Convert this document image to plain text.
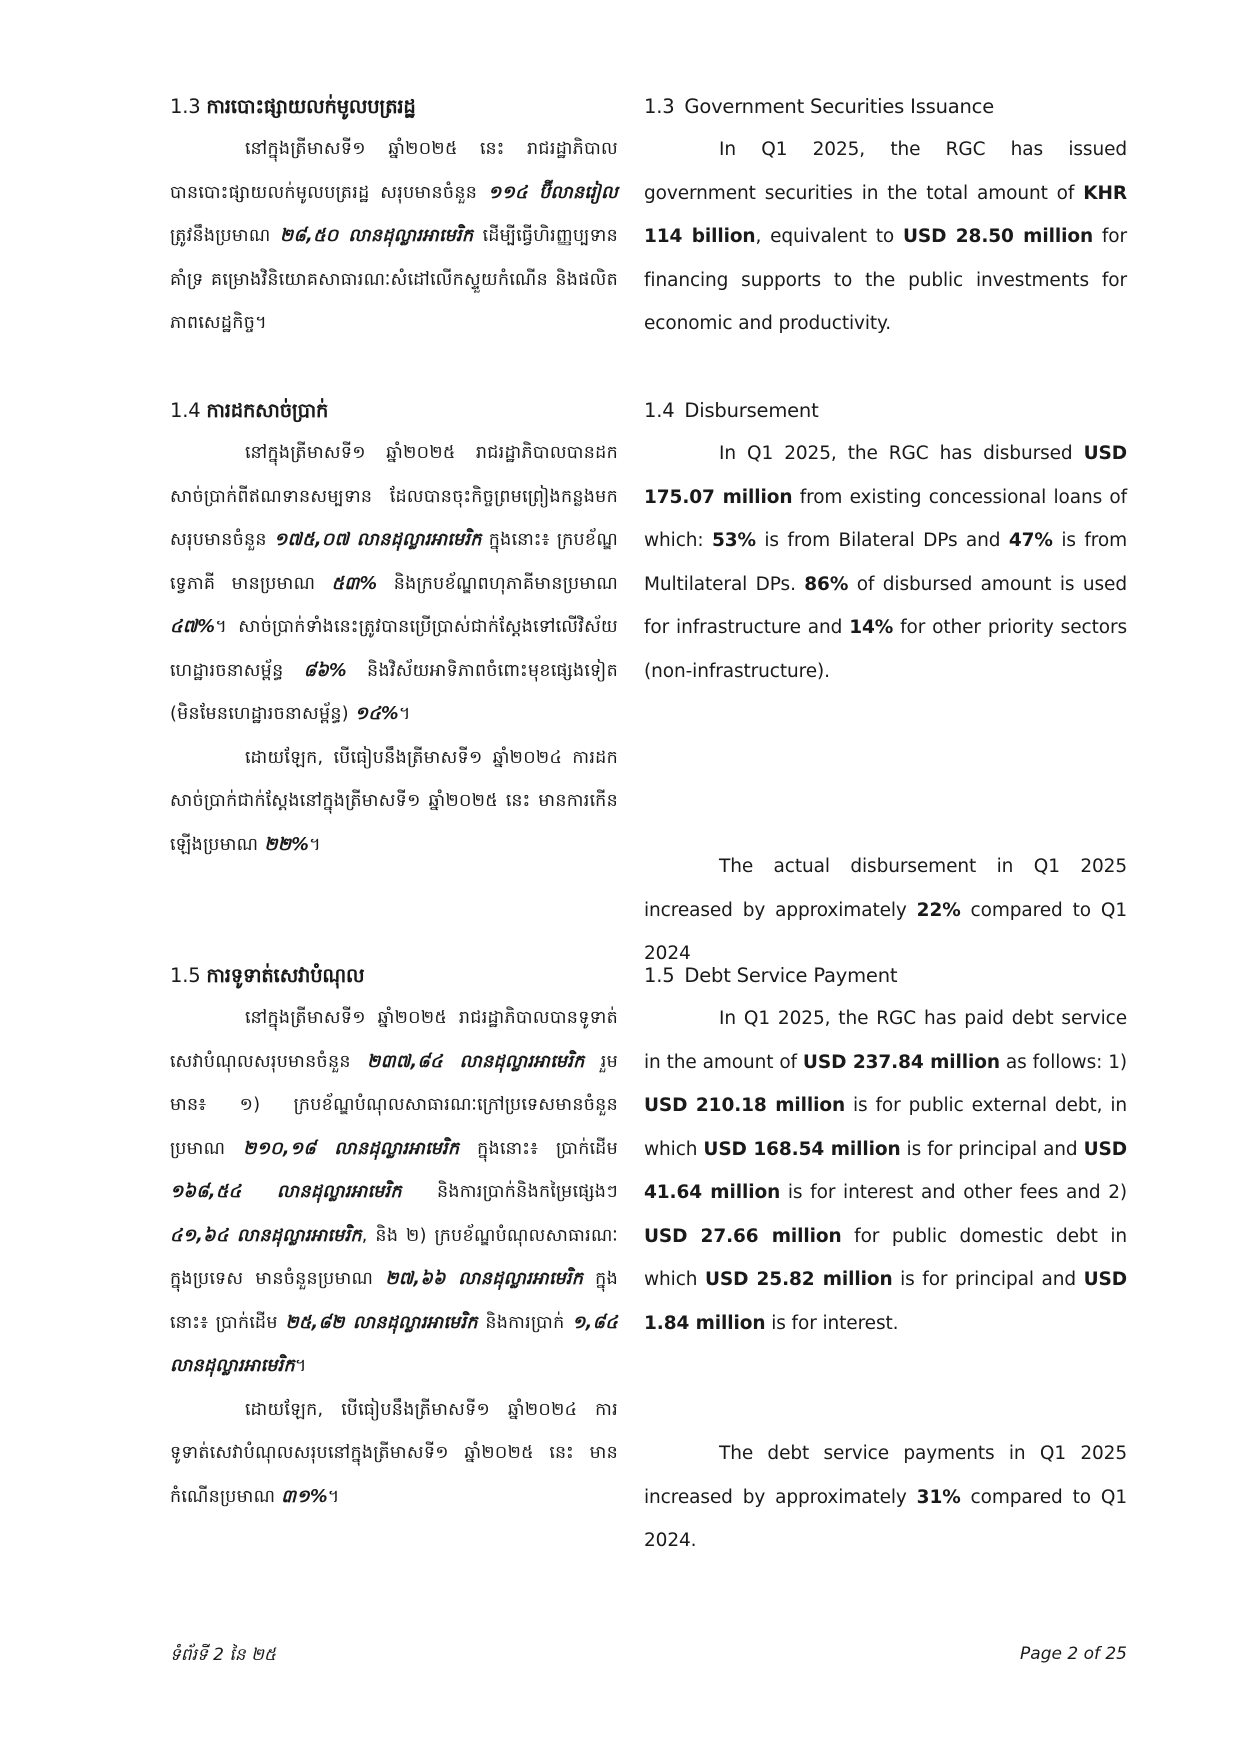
1.3 ការបោះផ្សាយលក់មូលបត្ររដ្ឋ

នៅក្នុងត្រីមាសទី១ ឆ្នាំ២០២៥ នេះ រាជរដ្ឋាភិបាលបានបោះផ្សាយលក់មូលបត្ររដ្ឋ សរុបមានចំនួន ១១៤ ប៊ីលានរៀល ត្រូវនឹងប្រមាណ ២៨,៥០ លានដុល្លារអាមេរិក ដើម្បីធ្វើហិរញ្ញប្បទានគាំទ្រ គម្រោងវិនិយោគសាធារណៈសំដៅលើកស្ទួយកំណើន និងផលិតភាពសេដ្ឋកិច្ច។

1.3 Government Securities Issuance

In Q1 2025, the RGC has issued government securities in the total amount of KHR 114 billion, equivalent to USD 28.50 million for financing supports to the public investments for economic and productivity.

1.4 ការដកសាច់ប្រាក់

នៅក្នុងត្រីមាសទី១ ឆ្នាំ២០២៥ រាជរដ្ឋាភិបាលបានដកសាច់ប្រាក់ពីឥណទានសម្បទាន ដែលបានចុះកិច្ចព្រមព្រៀងកន្លងមក សរុបមានចំនួន ១៧៥,០៧ លានដុល្លារអាមេរិក ក្នុងនោះ៖ ក្របខ័ណ្ឌទ្វេភាគី មានប្រមាណ ៥៣% និងក្របខ័ណ្ឌពហុភាគីមានប្រមាណ ៤៧%។ សាច់ប្រាក់ទាំងនេះត្រូវបានប្រើប្រាស់ជាក់ស្តែងទៅលើវិស័យហេដ្ឋារចនាសម្ព័ន្ធ ៨៦% និងវិស័យអាទិភាពចំពោះមុខផ្សេងទៀត (មិនមែនហេដ្ឋារចនាសម្ព័ន្ធ) ១៤%។

ដោយឡែក, បើធៀបនឹងត្រីមាសទី១ ឆ្នាំ២០២៤ ការដកសាច់ប្រាក់ជាក់ស្តែងនៅក្នុងត្រីមាសទី១ ឆ្នាំ២០២៥ នេះ មានការកើនឡើងប្រមាណ ២២%។

1.4 Disbursement

In Q1 2025, the RGC has disbursed USD 175.07 million from existing concessional loans of which: 53% is from Bilateral DPs and 47% is from Multilateral DPs. 86% of disbursed amount is used for infrastructure and 14% for other priority sectors (non-infrastructure).

The actual disbursement in Q1 2025 increased by approximately 22% compared to Q1 2024

1.5 ការទូទាត់សេវាបំណុល

នៅក្នុងត្រីមាសទី១ ឆ្នាំ២០២៥ រាជរដ្ឋាភិបាលបានទូទាត់សេវាបំណុលសរុបមានចំនួន ២៣៧,៨៤ លានដុល្លារអាមេរិក រួមមាន៖ ១) ក្របខ័ណ្ឌបំណុលសាធារណៈក្រៅប្រទេសមានចំនួនប្រមាណ ២១០,១៨ លានដុល្លារអាមេរិក ក្នុងនោះ៖ ប្រាក់ដើម ១៦៨,៥៤ លានដុល្លារអាមេរិក និងការប្រាក់និងកម្រៃផ្សេងៗ ៤១,៦៤ លានដុល្លារអាមេរិក, និង ២) ក្របខ័ណ្ឌបំណុលសាធារណៈក្នុងប្រទេស មានចំនួនប្រមាណ ២៧,៦៦ លានដុល្លារអាមេរិក ក្នុងនោះ៖ ប្រាក់ដើម ២៥,៨២ លានដុល្លារអាមេរិក និងការប្រាក់ ១,៨៤ លានដុល្លារអាមេរិក។

ដោយឡែក, បើធៀបនឹងត្រីមាសទី១ ឆ្នាំ២០២៤ ការទូទាត់សេវាបំណុលសរុបនៅក្នុងត្រីមាសទី១ ឆ្នាំ២០២៥ នេះ មានកំណើនប្រមាណ ៣១%។

1.5 Debt Service Payment

In Q1 2025, the RGC has paid debt service in the amount of USD 237.84 million as follows: 1) USD 210.18 million is for public external debt, in which USD 168.54 million is for principal and USD 41.64 million is for interest and other fees and 2) USD 27.66 million for public domestic debt in which USD 25.82 million is for principal and USD 1.84 million is for interest.

The debt service payments in Q1 2025 increased by approximately 31% compared to Q1 2024.

ទំព័រទី 2 នៃ ២៥	Page 2 of 25
